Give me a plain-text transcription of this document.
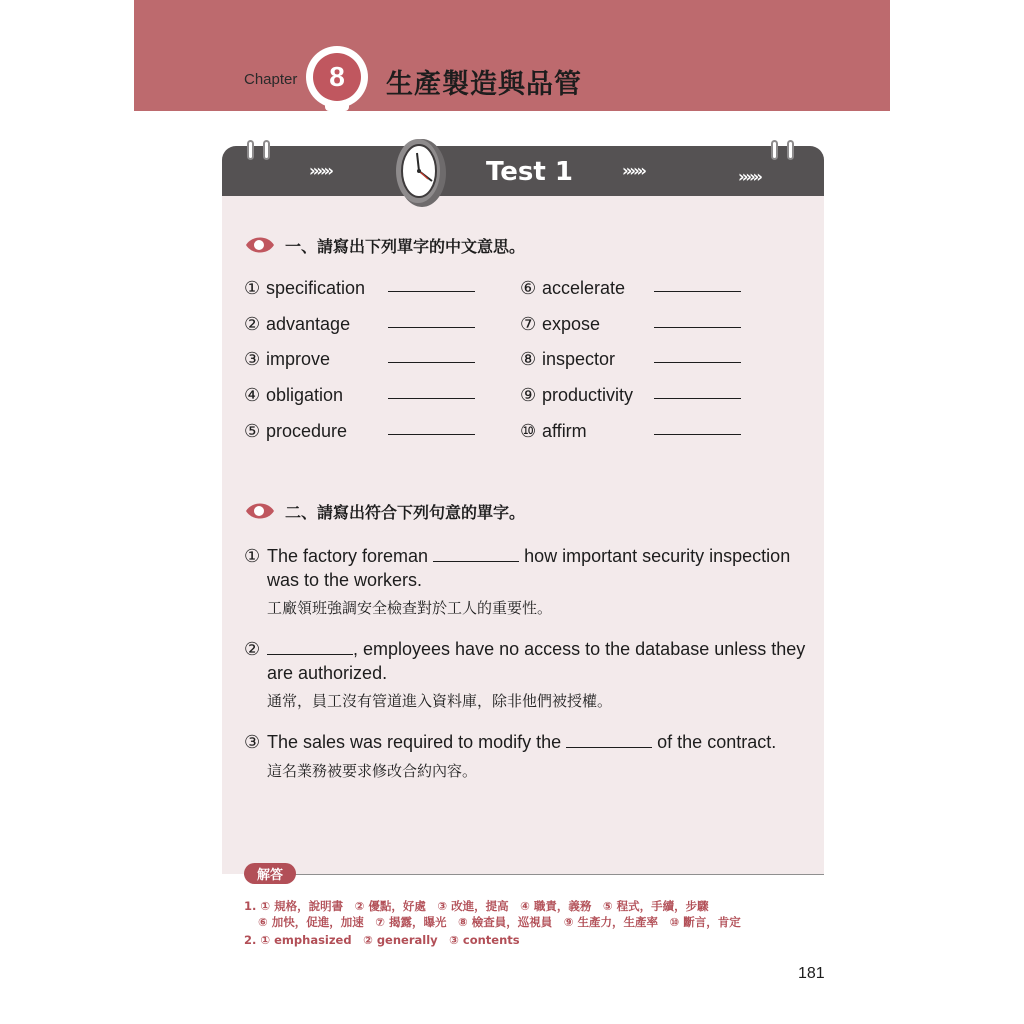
Chapter	8	生產製造與品管
»»»	»»»	»»»
Test 1
一、請寫出下列單字的中文意思。
① specification
② advantage
③ improve
④ obligation
⑤ procedure
⑥ accelerate
⑦ expose
⑧ inspector
⑨ productivity
⑩ affirm
二、請寫出符合下列句意的單字。
① The factory foreman	how important security inspection was to the workers.
工廠領班強調安全檢查對於工人的重要性。
②	, employees have no access to the database unless they are authorized.
通常，員工沒有管道進入資料庫，除非他們被授權。
③ The sales was required to modify the	of the contract.
這名業務被要求修改合約內容。
解答
1. ① 規格，說明書　② 優點，好處　③ 改進，提高　④ 職責，義務　⑤ 程式，手續，步驟
⑥ 加快，促進，加速　⑦ 揭露，曝光　⑧ 檢查員，巡視員　⑨ 生產力，生產率　⑩ 斷言，肯定
2. ① emphasized　② generally　③ contents
181
